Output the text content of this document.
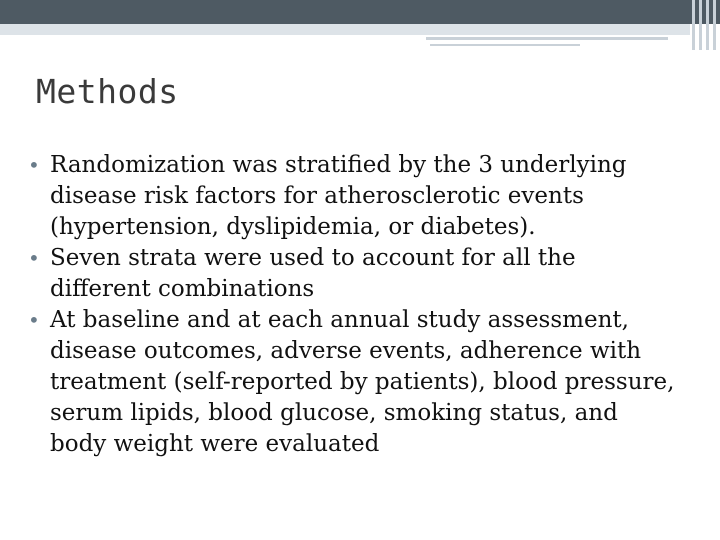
Methods
• Randomization was stratified by the 3 underlying disease risk factors for atherosclerotic events (hypertension, dyslipidemia, or diabetes).
• Seven strata were used to account for all the different combinations
• At baseline and at each annual study assessment, disease outcomes, adverse events, adherence with treatment (self-reported by patients), blood pressure, serum lipids, blood glucose, smoking status, and body weight were evaluated
